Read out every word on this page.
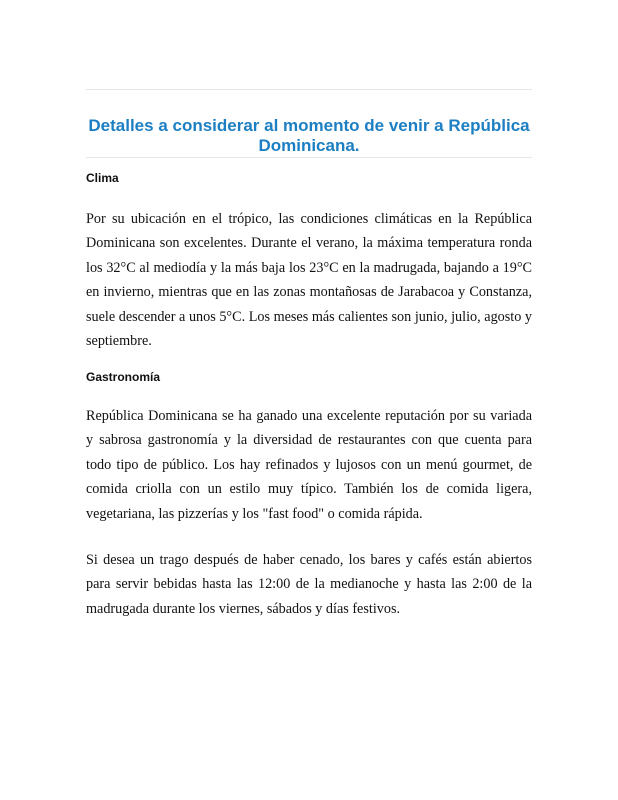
Detalles a considerar al momento de venir a República Dominicana.
Clima

Por su ubicación en el trópico, las condiciones climáticas en la República Dominicana son excelentes. Durante el verano, la máxima temperatura ronda los 32°C al mediodía y la más baja los 23°C en la madrugada, bajando a 19°C en invierno, mientras que en las zonas montañosas de Jarabacoa y Constanza, suele descender a unos 5°C. Los meses más calientes son junio, julio, agosto y septiembre.

Gastronomía

República Dominicana se ha ganado una excelente reputación por su variada y sabrosa gastronomía y la diversidad de restaurantes con que cuenta para todo tipo de público. Los hay refinados y lujosos con un menú gourmet, de comida criolla con un estilo muy típico. También los de comida ligera, vegetariana, las pizzerías y los "fast food" o comida rápida.

Si desea un trago después de haber cenado, los bares y cafés están abiertos para servir bebidas hasta las 12:00 de la medianoche y hasta las 2:00 de la madrugada durante los viernes, sábados y días festivos.
